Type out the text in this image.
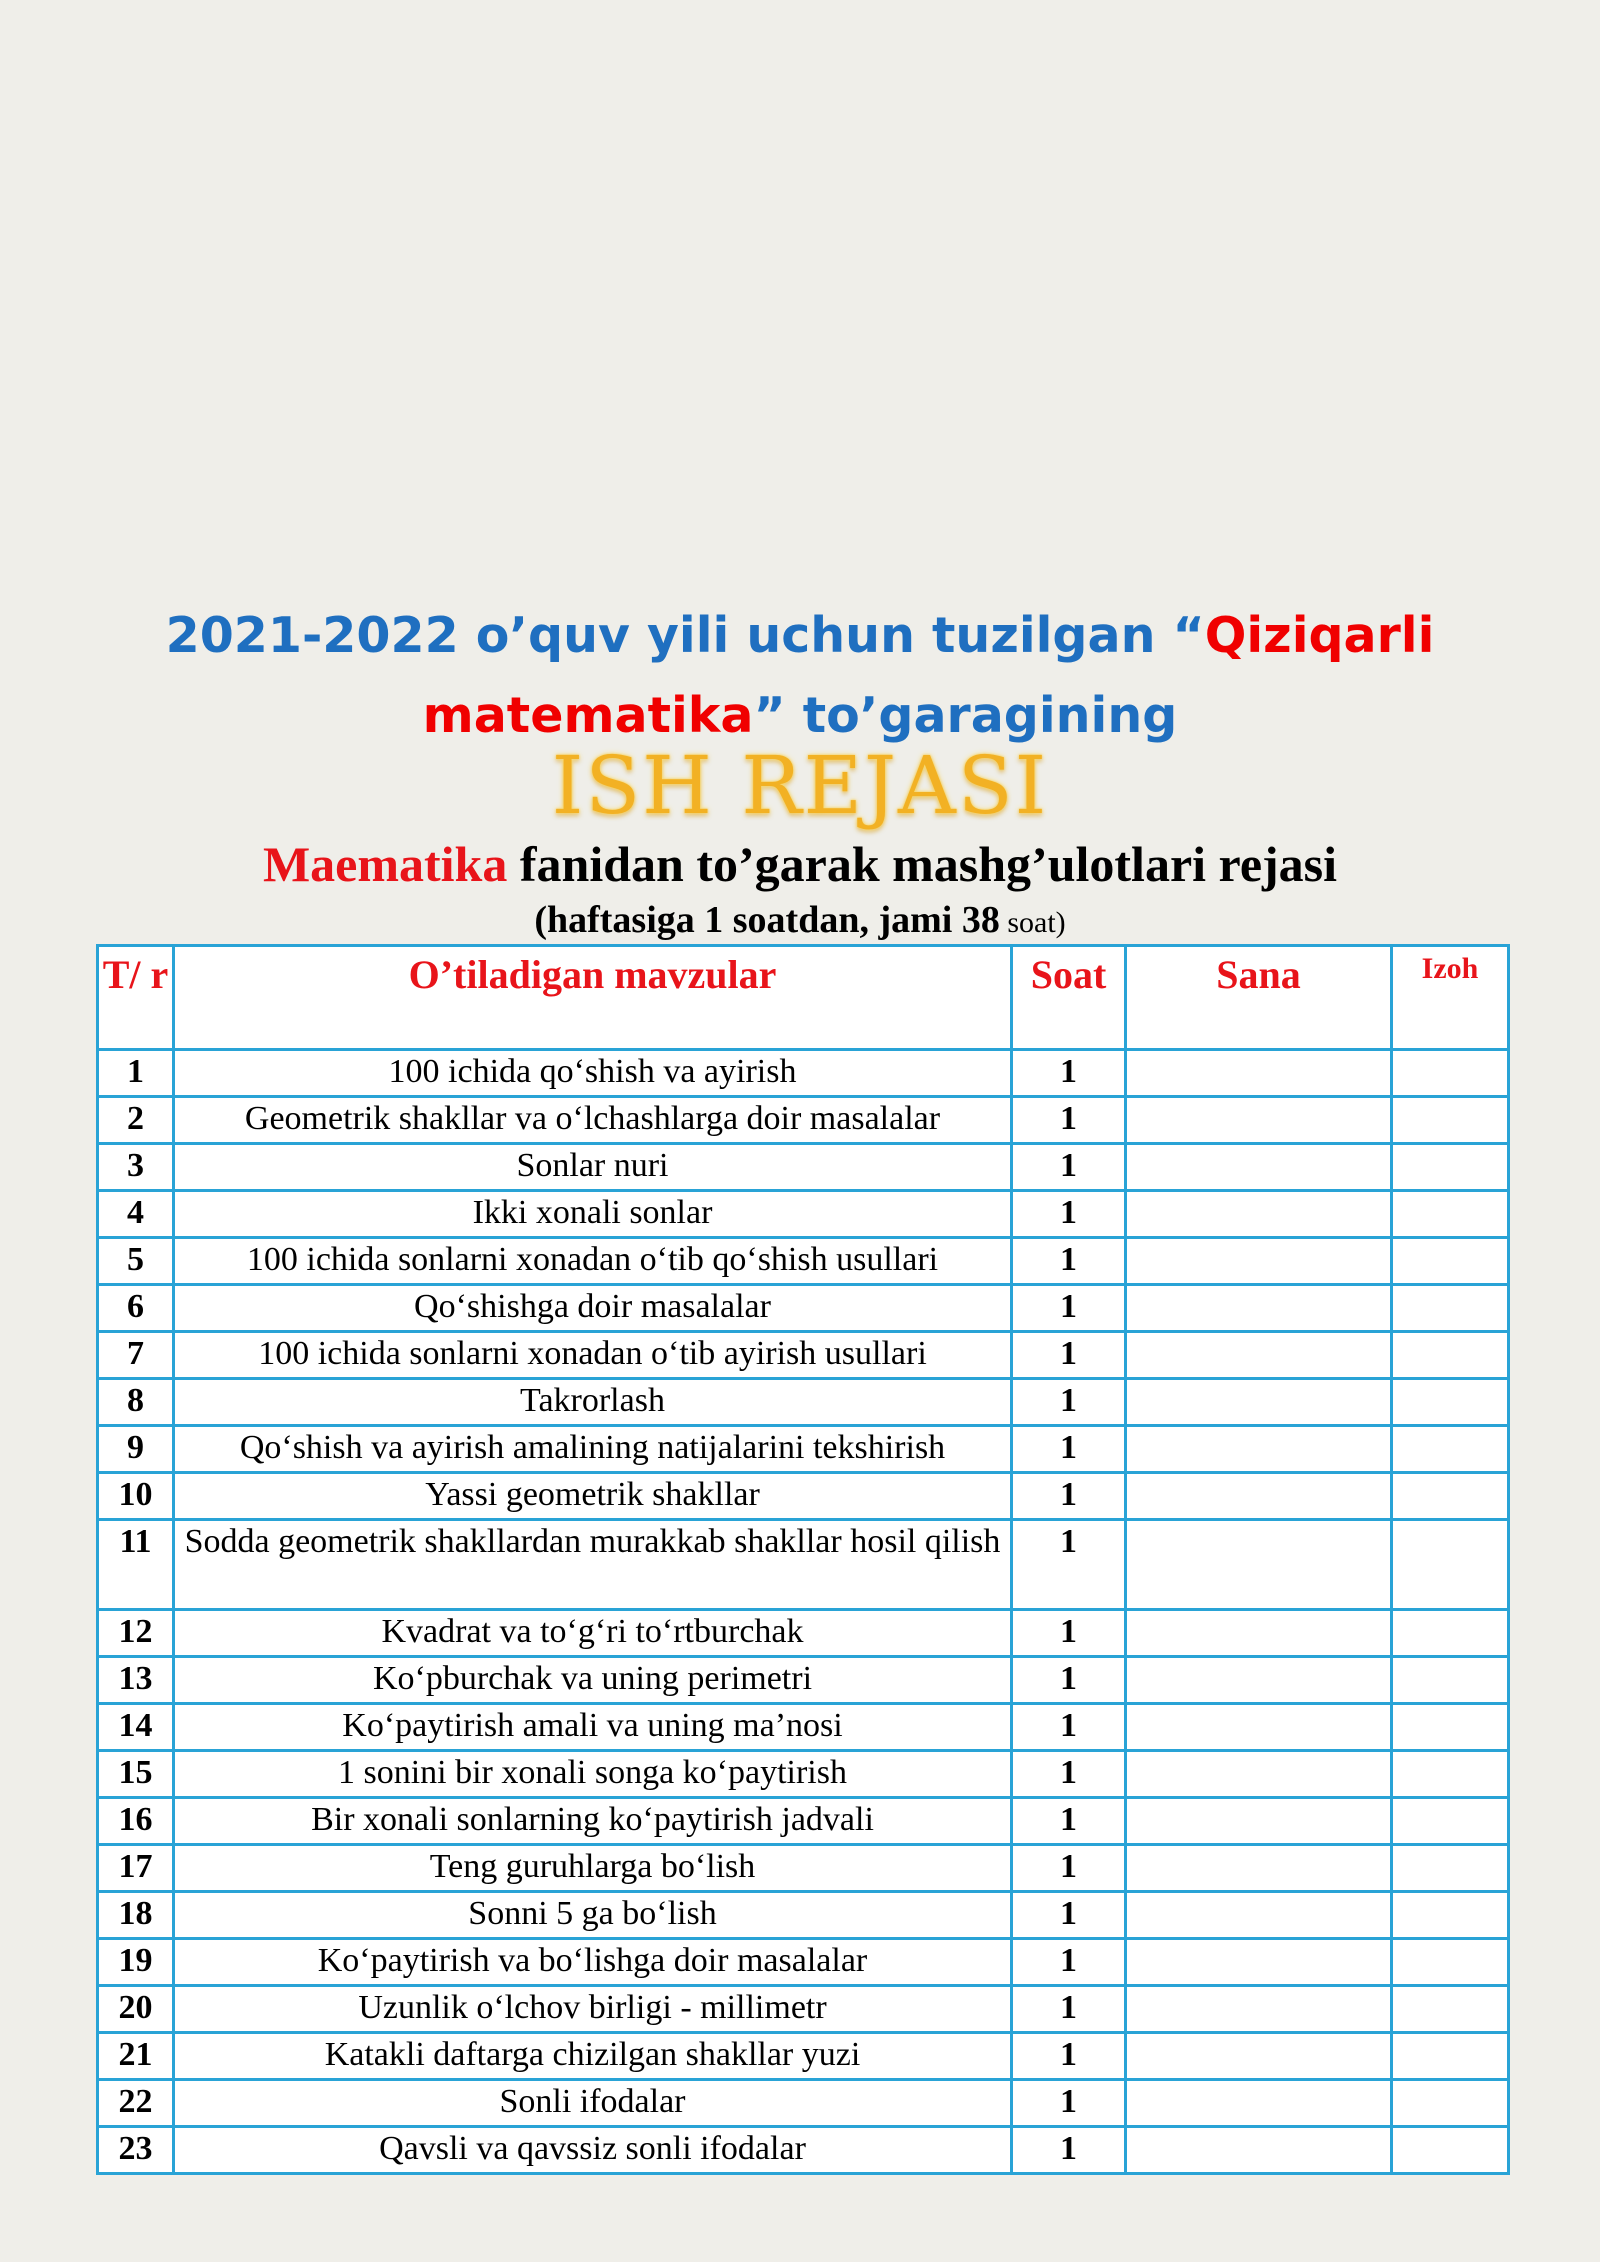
2021-2022 o’quv yili uchun tuzilgan “Qiziqarli
matematika” to’garagining
ISH REJASI
Maematika fanidan to’garak mashg’ulotlari rejasi
(haftasiga 1 soatdan, jami 38 soat)
T/ r	O’tiladigan mavzular	Soat	Sana	Izoh
1	100 ichida qo‘shish va ayirish	1		
2	Geometrik shakllar va o‘lchashlarga doir masalalar	1		
3	Sonlar nuri	1		
4	Ikki xonali sonlar	1		
5	100 ichida sonlarni xonadan o‘tib qo‘shish usullari	1		
6	Qo‘shishga doir masalalar	1		
7	100 ichida sonlarni xonadan o‘tib ayirish usullari	1		
8	Takrorlash	1		
9	Qo‘shish va ayirish amalining natijalarini tekshirish	1		
10	Yassi geometrik shakllar	1		
11	Sodda geometrik shakllardan murakkab shakllar hosil qilish	1		
12	Kvadrat va to‘g‘ri to‘rtburchak	1		
13	Ko‘pburchak va uning perimetri	1		
14	Ko‘paytirish amali va uning ma’nosi	1		
15	1 sonini bir xonali songa ko‘paytirish	1		
16	Bir xonali sonlarning ko‘paytirish jadvali	1		
17	Teng guruhlarga bo‘lish	1		
18	Sonni 5 ga bo‘lish	1		
19	Ko‘paytirish va bo‘lishga doir masalalar	1		
20	Uzunlik o‘lchov birligi - millimetr	1		
21	Katakli daftarga chizilgan shakllar yuzi	1		
22	Sonli ifodalar	1		
23	Qavsli va qavssiz sonli ifodalar	1		
